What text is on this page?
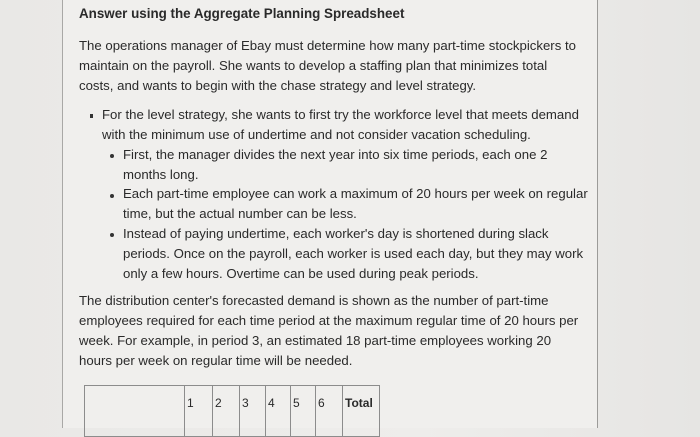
Answer using the Aggregate Planning Spreadsheet
The operations manager of Ebay must determine how many part-time stockpickers to
maintain on the payroll. She wants to develop a staffing plan that minimizes total
costs, and wants to begin with the chase strategy and level strategy.
For the level strategy, she wants to first try the workforce level that meets demand
with the minimum use of undertime and not consider vacation scheduling.
First, the manager divides the next year into six time periods, each one 2
months long.
Each part-time employee can work a maximum of 20 hours per week on regular
time, but the actual number can be less.
Instead of paying undertime, each worker's day is shortened during slack
periods. Once on the payroll, each worker is used each day, but they may work
only a few hours. Overtime can be used during peak periods.
The distribution center's forecasted demand is shown as the number of part-time
employees required for each time period at the maximum regular time of 20 hours per
week. For example, in period 3, an estimated 18 part-time employees working 20
hours per week on regular time will be needed.
	1	2	3	4	5	6	Total
